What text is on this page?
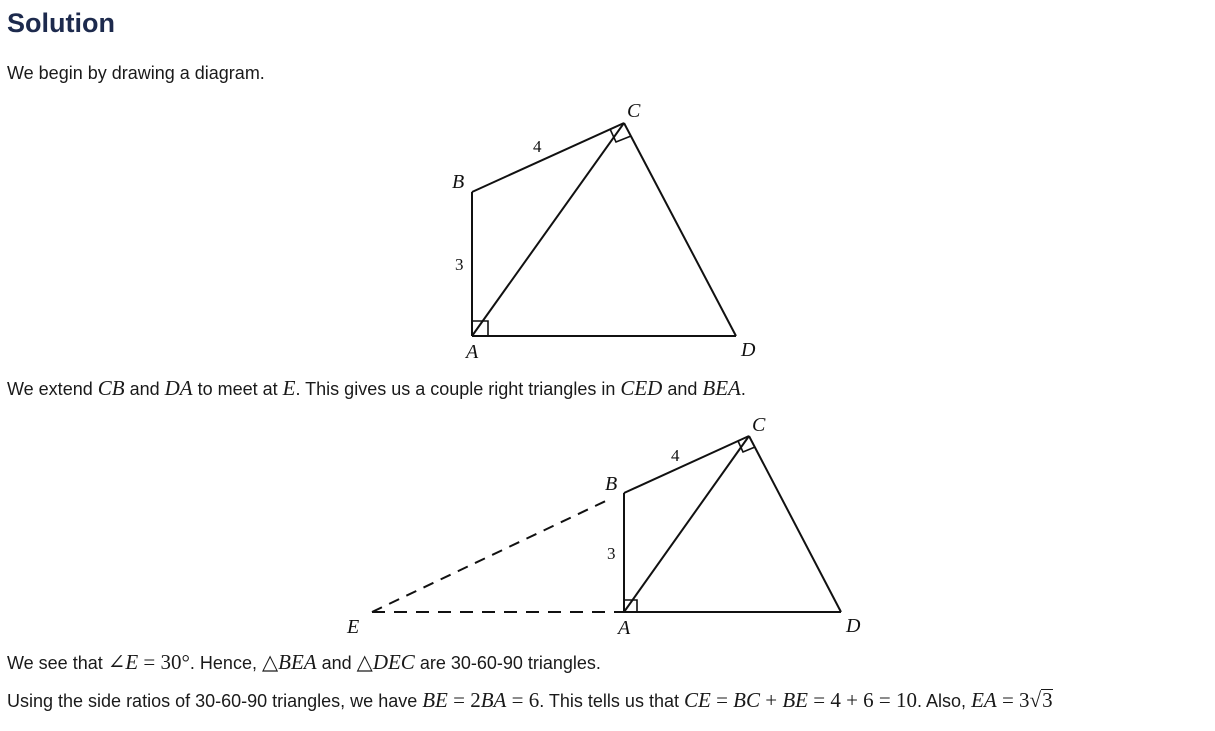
Solution

We begin by drawing a diagram.

C
B
A	D
4
3
C
B
E	A	D
4
3

We extend CB and DA to meet at E. This gives us a couple right triangles in CED and BEA.

We see that ∠E = 30°. Hence, △BEA and △DEC are 30-60-90 triangles.

Using the side ratios of 30-60-90 triangles, we have BE = 2BA = 6. This tells us that CE = BC + BE = 4 + 6 = 10. Also, EA = 3√3
